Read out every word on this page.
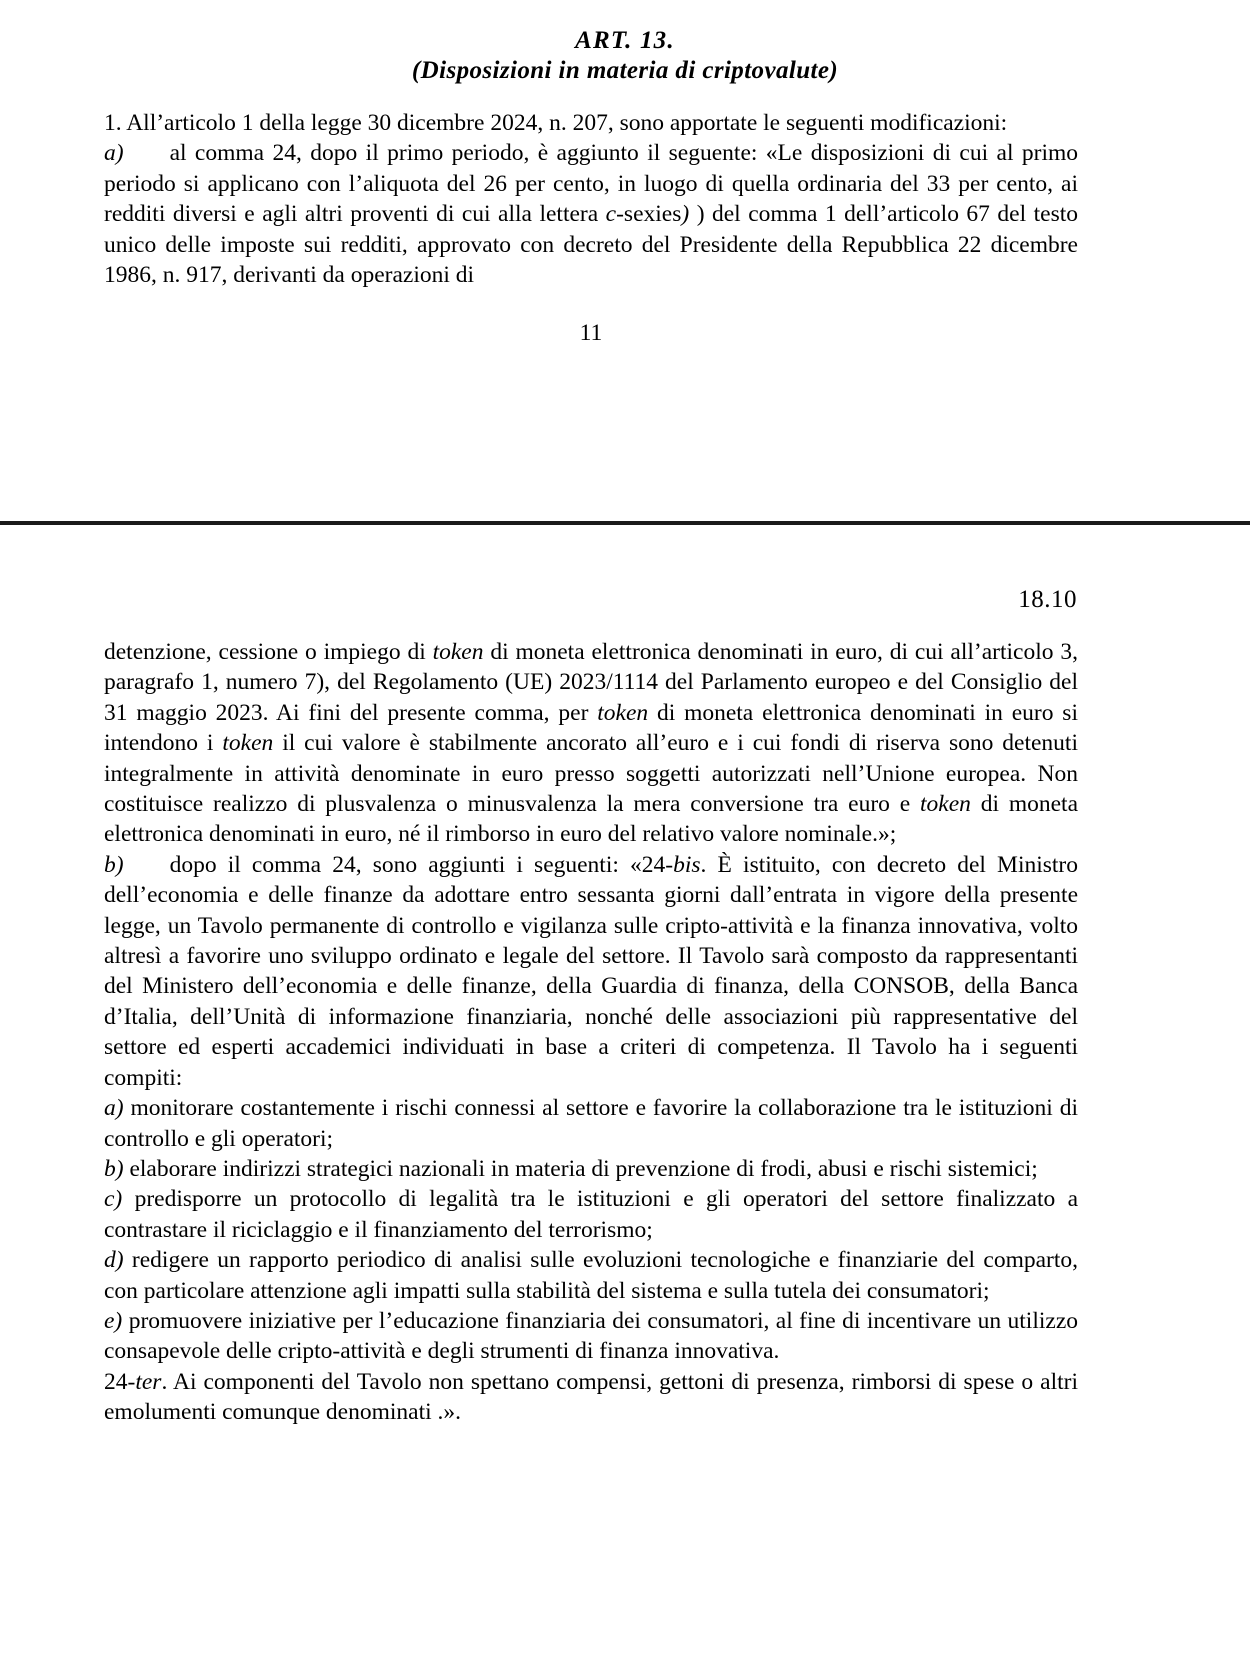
ART. 13.
(Disposizioni in materia di criptovalute)

1. All’articolo 1 della legge 30 dicembre 2024, n. 207, sono apportate le seguenti modificazioni:

a) al comma 24, dopo il primo periodo, è aggiunto il seguente: «Le disposizioni di cui al primo periodo si applicano con l’aliquota del 26 per cento, in luogo di quella ordinaria del 33 per cento, ai redditi diversi e agli altri proventi di cui alla lettera c-sexies) ) del comma 1 dell’articolo 67 del testo unico delle imposte sui redditi, approvato con decreto del Presidente della Repubblica 22 dicembre 1986, n. 917, derivanti da operazioni di

11
18.10

detenzione, cessione o impiego di token di moneta elettronica denominati in euro, di cui all’articolo 3, paragrafo 1, numero 7), del Regolamento (UE) 2023/1114 del Parlamento europeo e del Consiglio del 31 maggio 2023. Ai fini del presente comma, per token di moneta elettronica denominati in euro si intendono i token il cui valore è stabilmente ancorato all’euro e i cui fondi di riserva sono detenuti integralmente in attività denominate in euro presso soggetti autorizzati nell’Unione europea. Non costituisce realizzo di plusvalenza o minusvalenza la mera conversione tra euro e token di moneta elettronica denominati in euro, né il rimborso in euro del relativo valore nominale.»;

b) dopo il comma 24, sono aggiunti i seguenti: «24-bis. È istituito, con decreto del Ministro dell’economia e delle finanze da adottare entro sessanta giorni dall’entrata in vigore della presente legge, un Tavolo permanente di controllo e vigilanza sulle cripto-attività e la finanza innovativa, volto altresì a favorire uno sviluppo ordinato e legale del settore. Il Tavolo sarà composto da rappresentanti del Ministero dell’economia e delle finanze, della Guardia di finanza, della CONSOB, della Banca d’Italia, dell’Unità di informazione finanziaria, nonché delle associazioni più rappresentative del settore ed esperti accademici individuati in base a criteri di competenza. Il Tavolo ha i seguenti compiti:

a) monitorare costantemente i rischi connessi al settore e favorire la collaborazione tra le istituzioni di controllo e gli operatori;

b) elaborare indirizzi strategici nazionali in materia di prevenzione di frodi, abusi e rischi sistemici;

c) predisporre un protocollo di legalità tra le istituzioni e gli operatori del settore finalizzato a contrastare il riciclaggio e il finanziamento del terrorismo;

d) redigere un rapporto periodico di analisi sulle evoluzioni tecnologiche e finanziarie del comparto, con particolare attenzione agli impatti sulla stabilità del sistema e sulla tutela dei consumatori;

e) promuovere iniziative per l’educazione finanziaria dei consumatori, al fine di incentivare un utilizzo consapevole delle cripto-attività e degli strumenti di finanza innovativa.

24-ter. Ai componenti del Tavolo non spettano compensi, gettoni di presenza, rimborsi di spese o altri emolumenti comunque denominati .».
